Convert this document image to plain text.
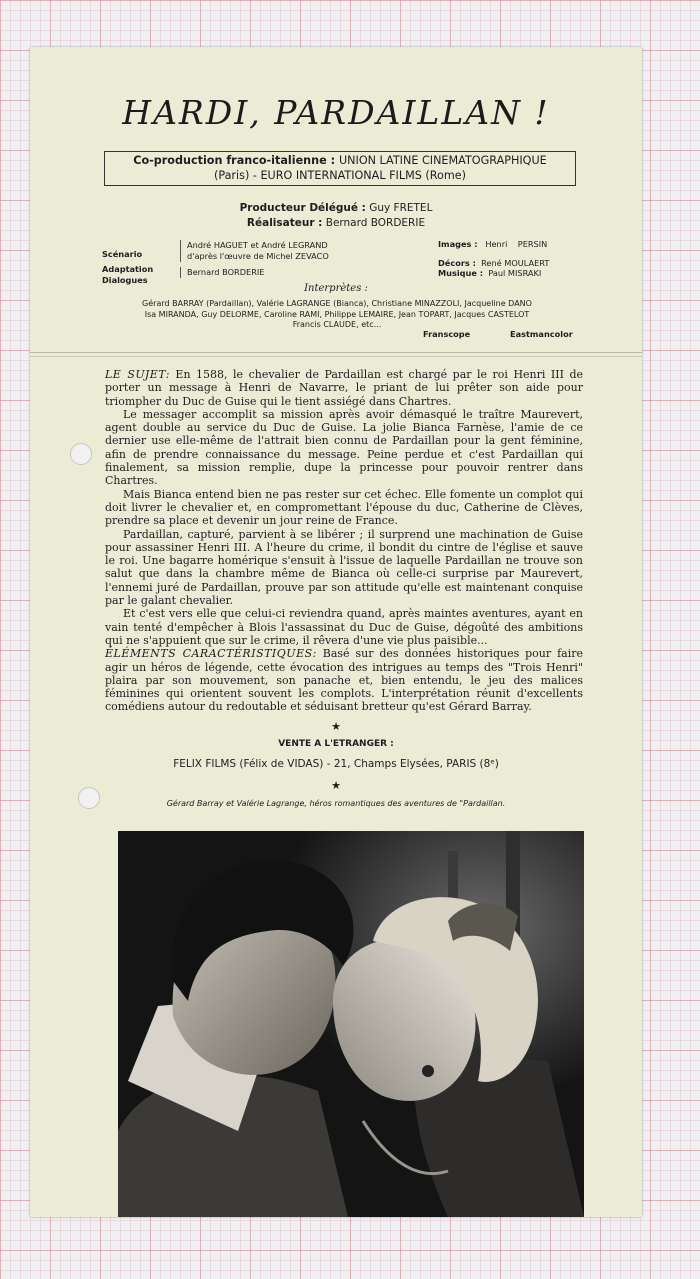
HARDI, PARDAILLAN !
Co-production franco-italienne : UNION LATINE CINEMATOGRAPHIQUE
(Paris) - EURO INTERNATIONAL FILMS (Rome)
Producteur Délégué : Guy FRETEL
Réalisateur : Bernard BORDERIE
Scénario
André HAGUET et André LEGRAND
d'après l'œuvre de Michel ZEVACO
Adaptation
Dialogues
Bernard BORDERIE
Images : Henri    PERSIN
Décors : René MOULAERT
Musique : Paul MISRAKI
Interprètes :
Gérard BARRAY (Pardaillan), Valérie LAGRANGE (Bianca), Christiane MINAZZOLI, Jacqueline DANO
Isa MIRANDA, Guy DELORME, Caroline RAMI, Philippe LEMAIRE, Jean TOPART, Jacques CASTELOT
Francis CLAUDE, etc...
Franscope	Eastmancolor

LE SUJET: En 1588, le chevalier de Pardaillan est chargé par le roi Henri III de porter un message à Henri de Navarre, le priant de lui prêter son aide pour triompher du Duc de Guise qui le tient assiégé dans Chartres.

Le messager accomplit sa mission après avoir démasqué le traître Maurevert, agent double au service du Duc de Guise. La jolie Bianca Farnèse, l'amie de ce dernier use elle-même de l'attrait bien connu de Pardaillan pour la gent féminine, afin de prendre connaissance du message. Peine perdue et c'est Pardaillan qui finalement, sa mission remplie, dupe la princesse pour pouvoir rentrer dans Chartres.

Mais Bianca entend bien ne pas rester sur cet échec. Elle fomente un complot qui doit livrer le chevalier et, en compromettant l'épouse du duc, Catherine de Clèves, prendre sa place et devenir un jour reine de France.

Pardaillan, capturé, parvient à se libérer ; il surprend une machination de Guise pour assassiner Henri III. A l'heure du crime, il bondit du cintre de l'église et sauve le roi. Une bagarre homérique s'ensuit à l'issue de laquelle Pardaillan ne trouve son salut que dans la chambre même de Bianca où celle-ci surprise par Maurevert, l'ennemi juré de Pardaillan, prouve par son attitude qu'elle est maintenant conquise par le galant chevalier.

Et c'est vers elle que celui-ci reviendra quand, après maintes aventures, ayant en vain tenté d'empêcher à Blois l'assassinat du Duc de Guise, dégoûté des ambitions qui ne s'appuient que sur le crime, il rêvera d'une vie plus paisible...

ÉLÉMENTS CARACTÉRISTIQUES: Basé sur des données historiques pour faire agir un héros de légende, cette évocation des intrigues au temps des "Trois Henri" plaira par son mouvement, son panache et, bien entendu, le jeu des malices féminines qui orientent souvent les complots. L'interprétation réunit d'excellents comédiens autour du redoutable et séduisant bretteur qu'est Gérard Barray.

★
VENTE A L'ETRANGER :
FELIX FILMS (Félix de VIDAS) - 21, Champs Elysées, PARIS (8ᵉ)
★
Gérard Barray et Valérie Lagrange, héros romantiques des aventures de "Pardaillan.
